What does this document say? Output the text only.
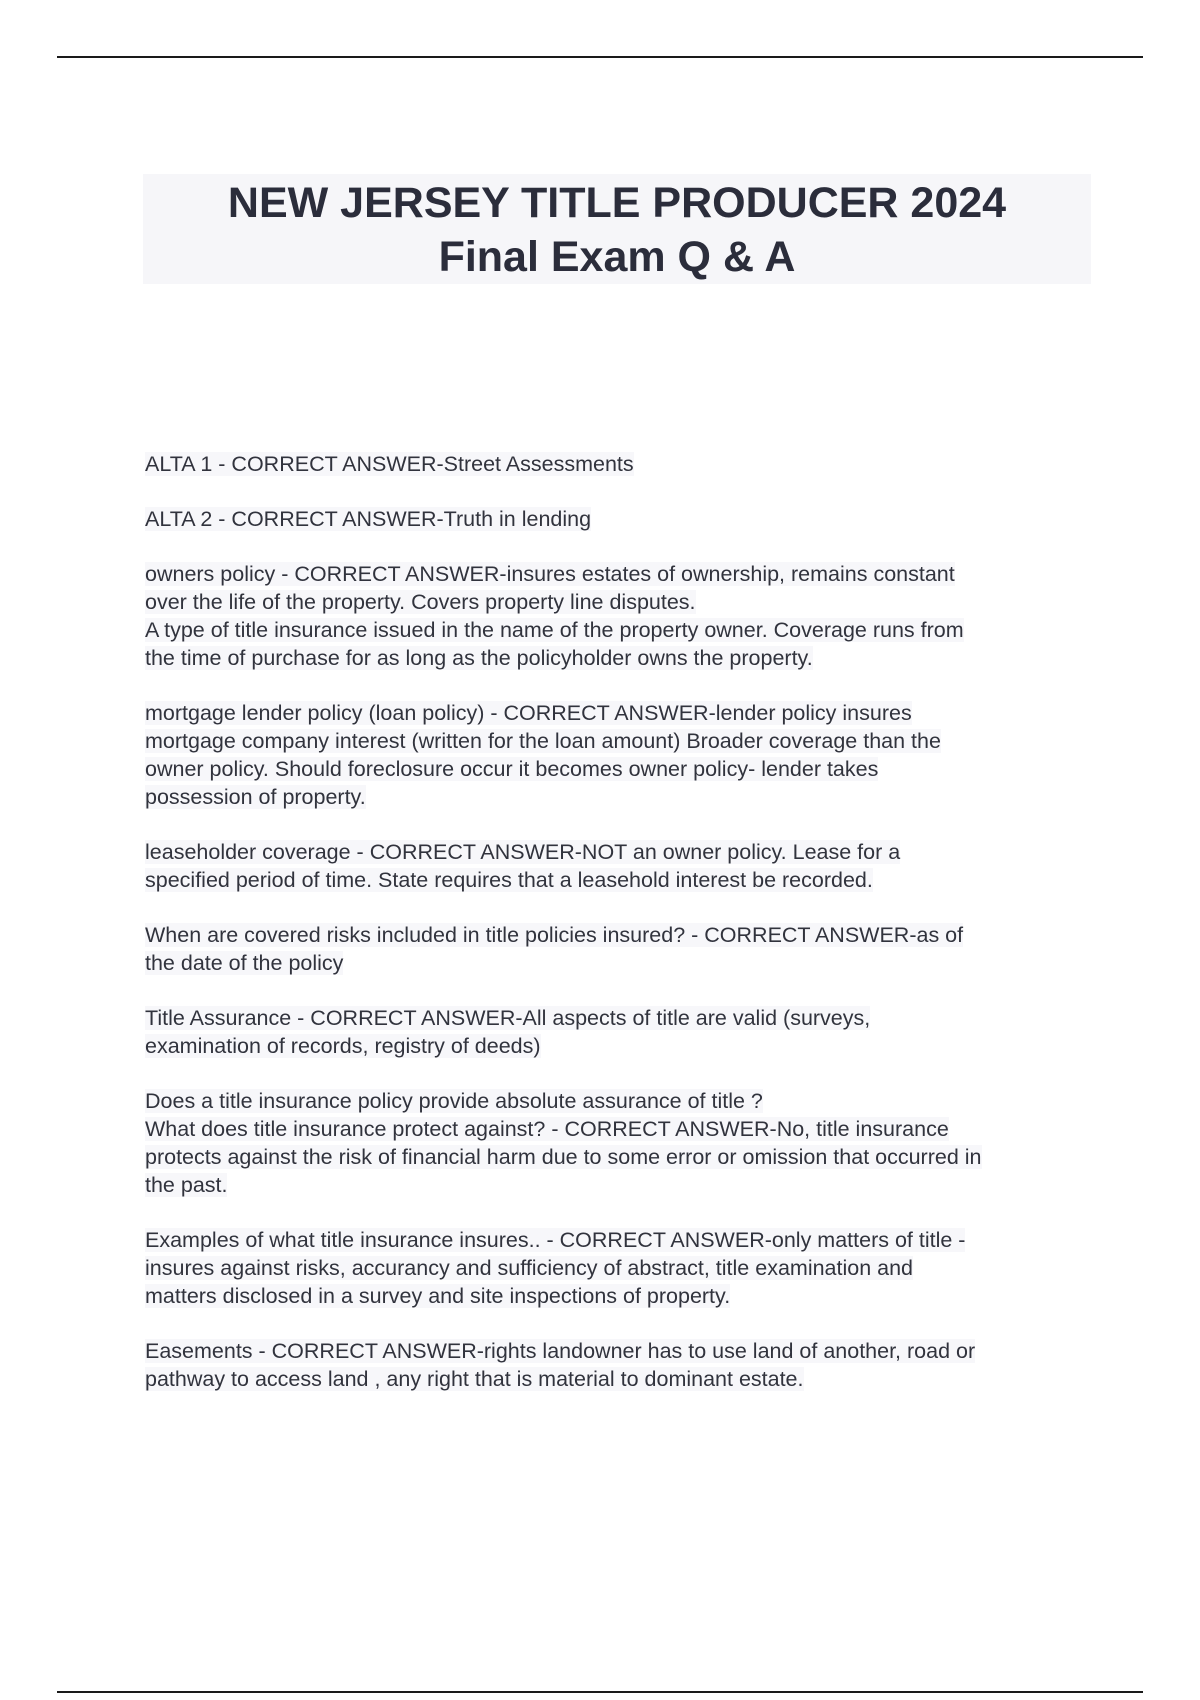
NEW JERSEY TITLE PRODUCER 2024
Final Exam Q & A
ALTA 1 - CORRECT ANSWER-Street Assessments
ALTA 2 - CORRECT ANSWER-Truth in lending
owners policy - CORRECT ANSWER-insures estates of ownership, remains constant
over the life of the property. Covers property line disputes.
A type of title insurance issued in the name of the property owner. Coverage runs from
the time of purchase for as long as the policyholder owns the property.
mortgage lender policy (loan policy) - CORRECT ANSWER-lender policy insures
mortgage company interest (written for the loan amount) Broader coverage than the
owner policy. Should foreclosure occur it becomes owner policy- lender takes
possession of property.
leaseholder coverage - CORRECT ANSWER-NOT an owner policy. Lease for a
specified period of time. State requires that a leasehold interest be recorded.
When are covered risks included in title policies insured? - CORRECT ANSWER-as of
the date of the policy
Title Assurance - CORRECT ANSWER-All aspects of title are valid (surveys,
examination of records, registry of deeds)
Does a title insurance policy provide absolute assurance of title ?
What does title insurance protect against? - CORRECT ANSWER-No, title insurance
protects against the risk of financial harm due to some error or omission that occurred in
the past.
Examples of what title insurance insures.. - CORRECT ANSWER-only matters of title -
insures against risks, accurancy and sufficiency of abstract, title examination and
matters disclosed in a survey and site inspections of property.
Easements - CORRECT ANSWER-rights landowner has to use land of another, road or
pathway to access land , any right that is material to dominant estate.
